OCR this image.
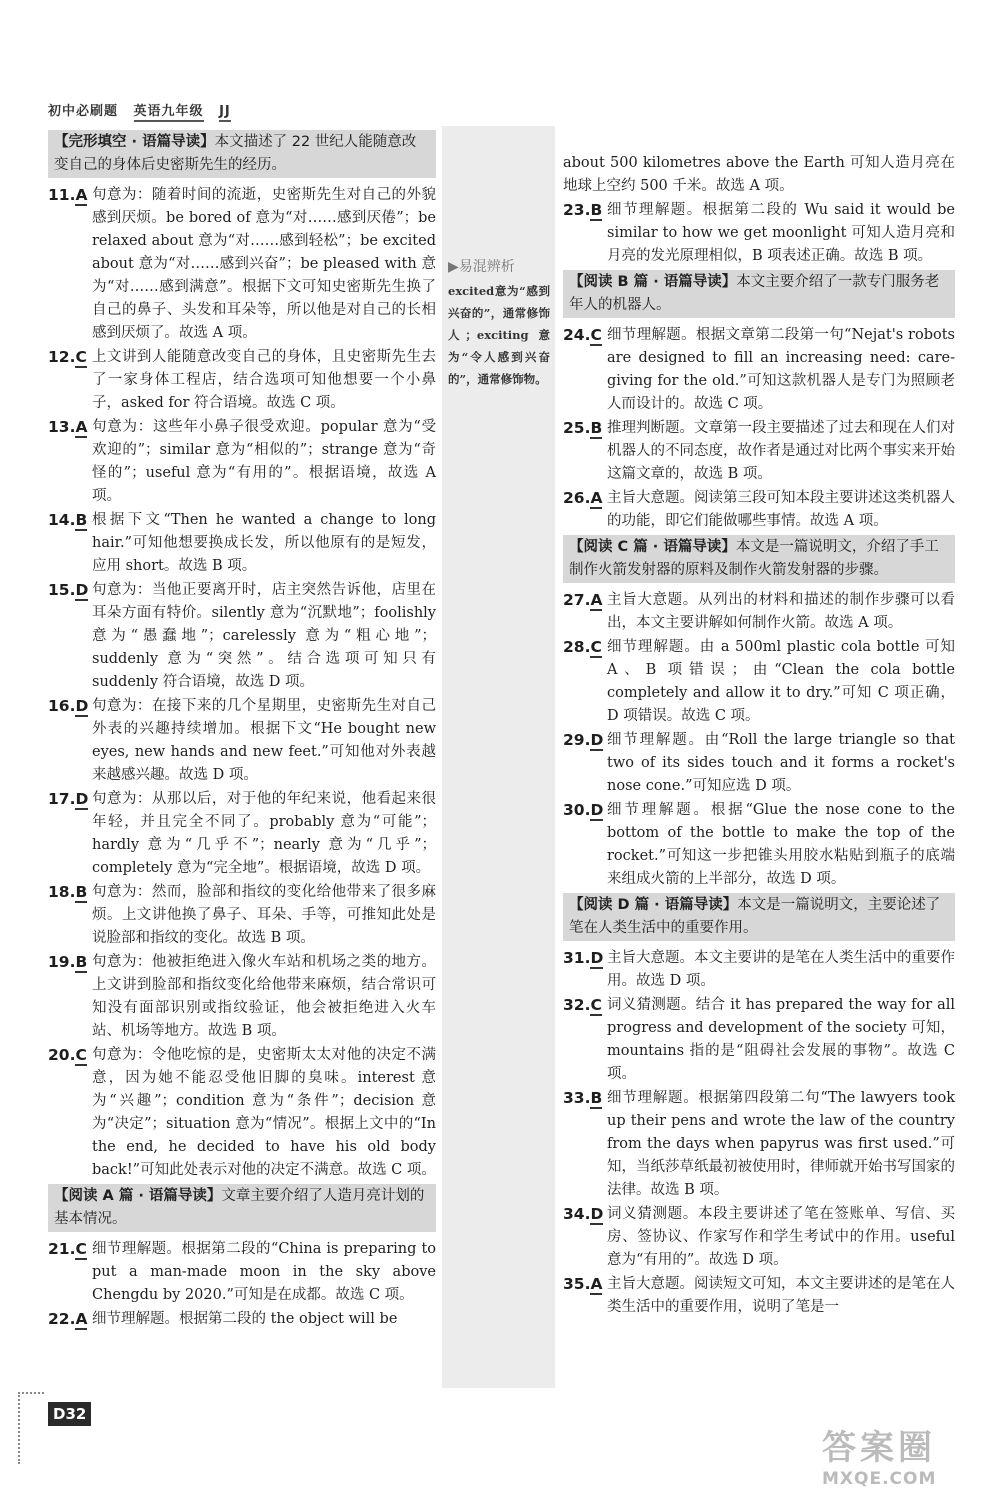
初中必刷题 英语九年级 JJ
▶易混辨析
excited意为“感到兴奋的”，通常修饰人；exciting 意为“令人感到兴奋的”，通常修饰物。
【完形填空 · 语篇导读】本文描述了 22 世纪人能随意改变自己的身体后史密斯先生的经历。
11.A 句意为：随着时间的流逝，史密斯先生对自己的外貌感到厌烦。be bored of 意为“对……感到厌倦”；be relaxed about 意为“对……感到轻松”；be excited about 意为“对……感到兴奋”；be pleased with 意为“对……感到满意”。根据下文可知史密斯先生换了自己的鼻子、头发和耳朵等，所以他是对自己的长相感到厌烦了。故选 A 项。
12.C 上文讲到人能随意改变自己的身体，且史密斯先生去了一家身体工程店，结合选项可知他想要一个小鼻子，asked for 符合语境。故选 C 项。
13.A 句意为：这些年小鼻子很受欢迎。popular 意为“受欢迎的”；similar 意为“相似的”；strange 意为“奇怪的”；useful 意为“有用的”。根据语境，故选 A 项。
14.B 根据下文“Then he wanted a change to long hair.”可知他想要换成长发，所以他原有的是短发，应用 short。故选 B 项。
15.D 句意为：当他正要离开时，店主突然告诉他，店里在耳朵方面有特价。silently 意为“沉默地”；foolishly 意为“愚蠢地”；carelessly 意为“粗心地”；suddenly 意为“突然”。结合选项可知只有 suddenly 符合语境，故选 D 项。
16.D 句意为：在接下来的几个星期里，史密斯先生对自己外表的兴趣持续增加。根据下文“He bought new eyes, new hands and new feet.”可知他对外表越来越感兴趣。故选 D 项。
17.D 句意为：从那以后，对于他的年纪来说，他看起来很年轻，并且完全不同了。probably 意为“可能”；hardly 意为“几乎不”；nearly 意为“几乎”；completely 意为“完全地”。根据语境，故选 D 项。
18.B 句意为：然而，脸部和指纹的变化给他带来了很多麻烦。上文讲他换了鼻子、耳朵、手等，可推知此处是说脸部和指纹的变化。故选 B 项。
19.B 句意为：他被拒绝进入像火车站和机场之类的地方。上文讲到脸部和指纹变化给他带来麻烦，结合常识可知没有面部识别或指纹验证，他会被拒绝进入火车站、机场等地方。故选 B 项。
20.C 句意为：令他吃惊的是，史密斯太太对他的决定不满意，因为她不能忍受他旧脚的臭味。interest 意为“兴趣”；condition 意为“条件”；decision 意为“决定”；situation 意为“情况”。根据上文中的“In the end, he decided to have his old body back!”可知此处表示对他的决定不满意。故选 C 项。
【阅读 A 篇 · 语篇导读】文章主要介绍了人造月亮计划的基本情况。
21.C 细节理解题。根据第二段的“China is preparing to put a man-made moon in the sky above Chengdu by 2020.”可知是在成都。故选 C 项。
22.A 细节理解题。根据第二段的 the object will be
about 500 kilometres above the Earth 可知人造月亮在地球上空约 500 千米。故选 A 项。
23.B 细节理解题。根据第二段的 Wu said it would be similar to how we get moonlight 可知人造月亮和月亮的发光原理相似，B 项表述正确。故选 B 项。
【阅读 B 篇 · 语篇导读】本文主要介绍了一款专门服务老年人的机器人。
24.C 细节理解题。根据文章第二段第一句“Nejat's robots are designed to fill an increasing need: care-giving for the old.”可知这款机器人是专门为照顾老人而设计的。故选 C 项。
25.B 推理判断题。文章第一段主要描述了过去和现在人们对机器人的不同态度，故作者是通过对比两个事实来开始这篇文章的，故选 B 项。
26.A 主旨大意题。阅读第三段可知本段主要讲述这类机器人的功能，即它们能做哪些事情。故选 A 项。
【阅读 C 篇 · 语篇导读】本文是一篇说明文，介绍了手工制作火箭发射器的原料及制作火箭发射器的步骤。
27.A 主旨大意题。从列出的材料和描述的制作步骤可以看出，本文主要讲解如何制作火箭。故选 A 项。
28.C 细节理解题。由 a 500ml plastic cola bottle 可知 A、B 项错误；由“Clean the cola bottle completely and allow it to dry.”可知 C 项正确，D 项错误。故选 C 项。
29.D 细节理解题。由“Roll the large triangle so that two of its sides touch and it forms a rocket's nose cone.”可知应选 D 项。
30.D 细节理解题。根据“Glue the nose cone to the bottom of the bottle to make the top of the rocket.”可知这一步把锥头用胶水粘贴到瓶子的底端来组成火箭的上半部分，故选 D 项。
【阅读 D 篇 · 语篇导读】本文是一篇说明文，主要论述了笔在人类生活中的重要作用。
31.D 主旨大意题。本文主要讲的是笔在人类生活中的重要作用。故选 D 项。
32.C 词义猜测题。结合 it has prepared the way for all progress and development of the society 可知，mountains 指的是“阻碍社会发展的事物”。故选 C 项。
33.B 细节理解题。根据第四段第二句“The lawyers took up their pens and wrote the law of the country from the days when papyrus was first used.”可知，当纸莎草纸最初被使用时，律师就开始书写国家的法律。故选 B 项。
34.D 词义猜测题。本段主要讲述了笔在签账单、写信、买房、签协议、作家写作和学生考试中的作用。useful 意为“有用的”。故选 D 项。
35.A 主旨大意题。阅读短文可知，本文主要讲述的是笔在人类生活中的重要作用，说明了笔是一
D32
答案圈
MXQE.COM
